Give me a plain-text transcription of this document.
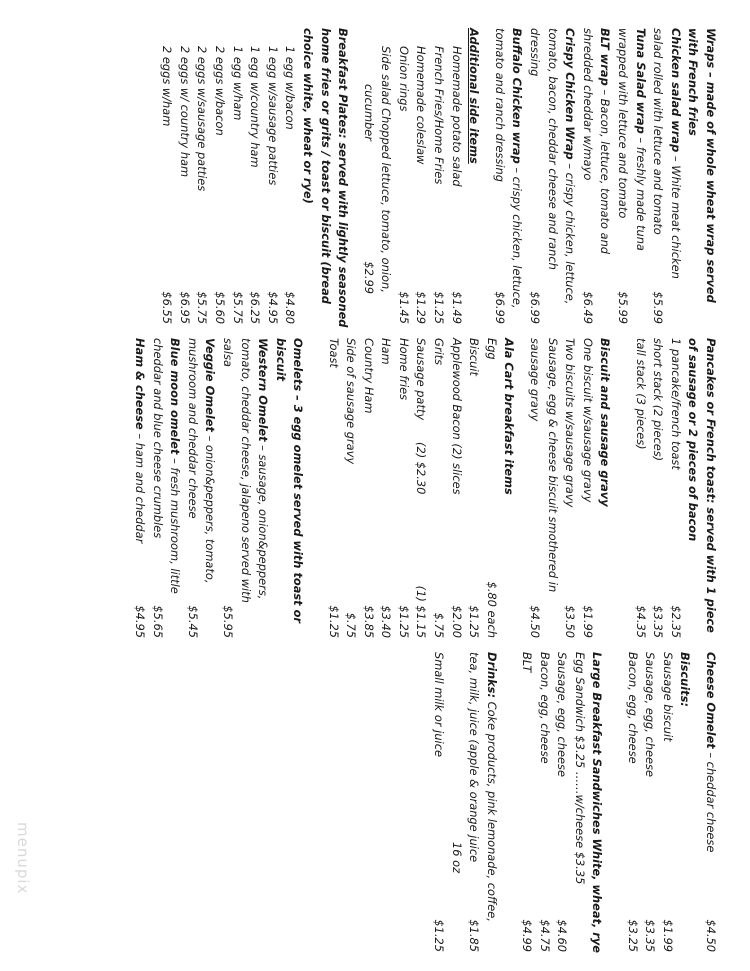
Wraps – made of whole wheat wrap served
with French fries
Chicken salad wrap – White meat chicken
salad rolled with lettuce and tomato
$5.99
Tuna Salad wrap – freshly made tuna
wrapped with lettuce and tomato
$5.99
BLT wrap – Bacon, lettuce, tomato and
shredded cheddar w/mayo
$6.49
Crispy Chicken Wrap – crispy chicken, lettuce,
tomato, bacon, cheddar cheese and ranch
dressing
$6.99
Buffalo Chicken wrap – crispy chicken, lettuce,
tomato and ranch dressing
$6.99
Additional side items
Homemade potato salad
$1.49
French Fries/Home Fries
$1.25
Homemade coleslaw
$1.29
Onion rings
$1.45
Side salad Chopped lettuce, tomato, onion,
cucumber
$2.99
Breakfast Plates: served with lightly seasoned
home fries or grits / toast or biscuit (bread
choice white, wheat or rye)
1 egg w/bacon
$4.80
1 egg w/sausage patties
$4.95
1 egg w/country ham
$6.25
1 egg w/ham
$5.75
2 eggs w/bacon
$5.60
2 eggs w/sausage patties
$5.75
2 eggs w/ country ham
$6.95
2 eggs w/ham
$6.55
Pancakes or French toast: served with 1 piece
of sausage or 2 pieces of bacon
1 pancake/french toast
$2.35
short stack (2 pieces)
$3.35
tall stack (3 pieces)
$4.35
Biscuit and sausage gravy
One biscuit w/sausage gravy
$1.99
Two biscuits w/sausage gravy
$3.50
Sausage, egg & cheese biscuit smothered in
sausage gravy
$4.50
Ala Cart breakfast items
Egg
$.80 each
Biscuit
$1.25
Applewood Bacon (2) slices
$2.00
Grits
$.75
Sausage patty
(2) $2.30
(1) $1.15
Home fries
$1.25
Ham
$3.40
Country Ham
$3.85
Side of sausage gravy
$.75
Toast
$1.25
Omelets – 3 egg omelet served with toast or
biscuit
Western Omelet – sausage, onion&peppers,
tomato, cheddar cheese, jalapeno served with
salsa
$5.95
Veggie Omelet – onion&peppers, tomato,
mushroom and cheddar cheese
$5.45
Blue moon omelet – fresh mushroom, little
cheddar and blue cheese crumbles
$5.65
Ham & cheese – ham and cheddar
$4.95
Cheese Omelet – cheddar cheese
$4.50
Biscuits:
Sausage biscuit
$1.99
Sausage, egg, cheese
$3.35
Bacon, egg, cheese
$3.25
Large Breakfast Sandwiches White, wheat, rye
Egg Sandwich $3.25 ……w/cheese $3.35
Sausage, egg, cheese
$4.60
Bacon, egg, cheese
$4.75
BLT
$4.99
Drinks: Coke products, pink lemonade, coffee,
tea, milk, juice (apple & orange juice
$1.85
16 oz
Small milk or juice
$1.25
menupix
